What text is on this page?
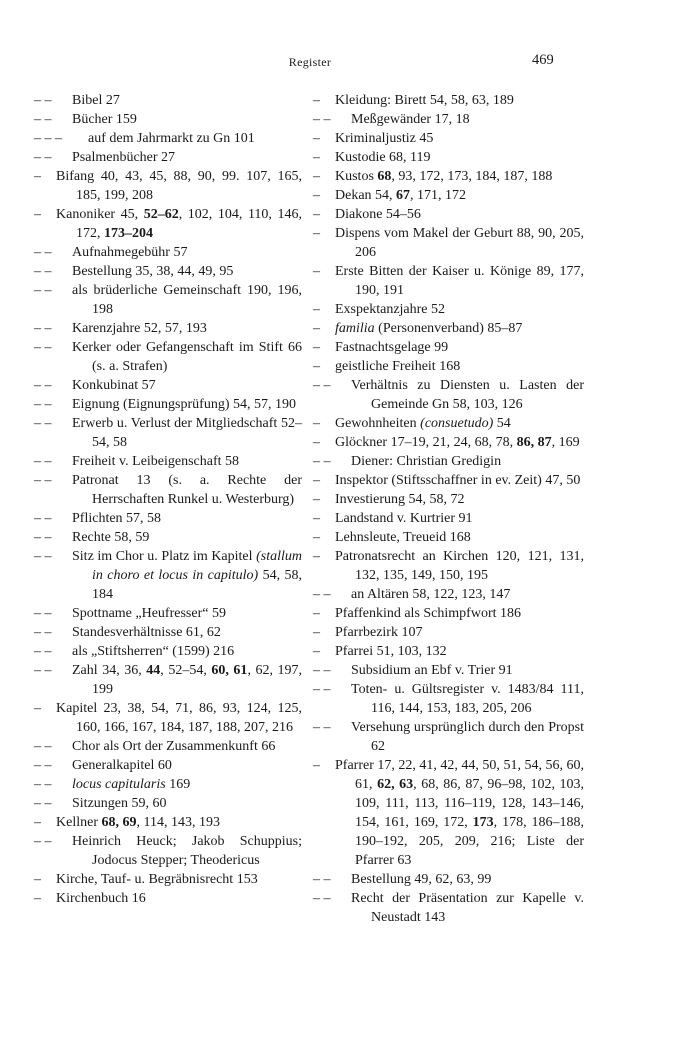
Register	469
– –	Bibel 27
– –	Bücher 159
– – –	auf dem Jahrmarkt zu Gn 101
– –	Psalmenbücher 27
–	Bifang 40, 43, 45, 88, 90, 99. 107, 165, 185, 199, 208
–	Kanoniker 45, 52–62, 102, 104, 110, 146, 172, 173–204
– –	Aufnahmegebühr 57
– –	Bestellung 35, 38, 44, 49, 95
– –	als brüderliche Gemeinschaft 190, 196, 198
– –	Karenzjahre 52, 57, 193
– –	Kerker oder Gefangenschaft im Stift 66 (s. a. Strafen)
– –	Konkubinat 57
– –	Eignung (Eignungsprüfung) 54, 57, 190
– –	Erwerb u. Verlust der Mitgliedschaft 52–54, 58
– –	Freiheit v. Leibeigenschaft 58
– –	Patronat 13 (s. a. Rechte der Herrschaften Runkel u. Westerburg)
– –	Pflichten 57, 58
– –	Rechte 58, 59
– –	Sitz im Chor u. Platz im Kapitel (stallum in choro et locus in capitulo) 54, 58, 184
– –	Spottname „Heufresser“ 59
– –	Standesverhältnisse 61, 62
– –	als „Stiftsherren“ (1599) 216
– –	Zahl 34, 36, 44, 52–54, 60, 61, 62, 197, 199
–	Kapitel 23, 38, 54, 71, 86, 93, 124, 125, 160, 166, 167, 184, 187, 188, 207, 216
– –	Chor als Ort der Zusammenkunft 66
– –	Generalkapitel 60
– –	locus capitularis 169
– –	Sitzungen 59, 60
–	Kellner 68, 69, 114, 143, 193
– –	Heinrich Heuck; Jakob Schuppius; Jodocus Stepper; Theodericus
–	Kirche, Tauf- u. Begräbnisrecht 153
–	Kirchenbuch 16
–	Kleidung: Birett 54, 58, 63, 189
– –	Meßgewänder 17, 18
–	Kriminaljustiz 45
–	Kustodie 68, 119
–	Kustos 68, 93, 172, 173, 184, 187, 188
–	Dekan 54, 67, 171, 172
–	Diakone 54–56
–	Dispens vom Makel der Geburt 88, 90, 205, 206
–	Erste Bitten der Kaiser u. Könige 89, 177, 190, 191
–	Exspektanzjahre 52
–	familia (Personenverband) 85–87
–	Fastnachtsgelage 99
–	geistliche Freiheit 168
– –	Verhältnis zu Diensten u. Lasten der Gemeinde Gn 58, 103, 126
–	Gewohnheiten (consuetudo) 54
–	Glöckner 17–19, 21, 24, 68, 78, 86, 87, 169
– –	Diener: Christian Gredigin
–	Inspektor (Stiftsschaffner in ev. Zeit) 47, 50
–	Investierung 54, 58, 72
–	Landstand v. Kurtrier 91
–	Lehnsleute, Treueid 168
–	Patronatsrecht an Kirchen 120, 121, 131, 132, 135, 149, 150, 195
– –	an Altären 58, 122, 123, 147
–	Pfaffenkind als Schimpfwort 186
–	Pfarrbezirk 107
–	Pfarrei 51, 103, 132
– –	Subsidium an Ebf v. Trier 91
– –	Toten- u. Gültsregister v. 1483/84 111, 116, 144, 153, 183, 205, 206
– –	Versehung ursprünglich durch den Propst 62
–	Pfarrer 17, 22, 41, 42, 44, 50, 51, 54, 56, 60, 61, 62, 63, 68, 86, 87, 96–98, 102, 103, 109, 111, 113, 116–119, 128, 143–146, 154, 161, 169, 172, 173, 178, 186–188, 190–192, 205, 209, 216; Liste der Pfarrer 63
– –	Bestellung 49, 62, 63, 99
– –	Recht der Präsentation zur Kapelle v. Neustadt 143
